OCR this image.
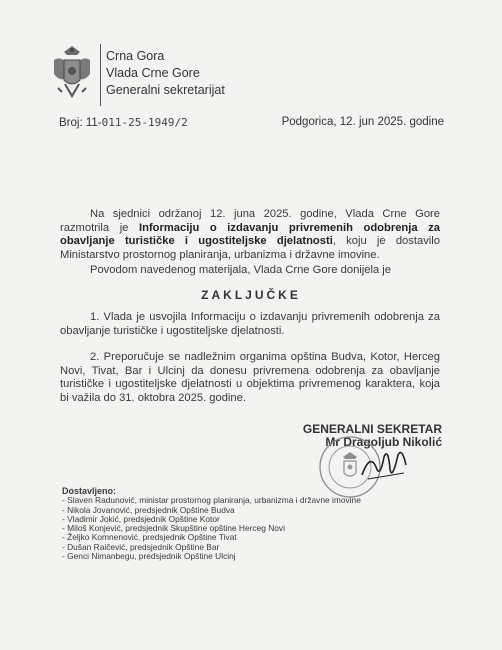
Crna Gora
Vlada Crne Gore
Generalni sekretarijat
Broj: 11-011-25-1949/2	Podgorica, 12. jun 2025. godine

Na sjednici održanoj 12. juna 2025. godine, Vlada Crne Gore razmotrila je Informaciju o izdavanju privremenih odobrenja za obavljanje turističke i ugostiteljske djelatnosti, koju je dostavilo Ministarstvo prostornog planiranja, urbanizma i državne imovine.

Povodom navedenog materijala, Vlada Crne Gore donijela je

ZAKLJUČKE

1. Vlada je usvojila Informaciju o izdavanju privremenih odobrenja za obavljanje turističke i ugostiteljske djelatnosti.

2. Preporučuje se nadležnim organima opština Budva, Kotor, Herceg Novi, Tivat, Bar i Ulcinj da donesu privremena odobrenja za obavljanje turističke i ugostiteljske djelatnosti u objektima privremenog karaktera, koja bi važila do 31. oktobra 2025. godine.

GENERALNI SEKRETAR
Mr Dragoljub Nikolić
Dostavljeno:
- Slaven Radunović, ministar prostornog planiranja, urbanizma i državne imovine
- Nikola Jovanović, predsjednik Opštine Budva
- Vladimir Jokić, predsjednik Opštine Kotor
- Miloš Konjević, predsjednik Skupštine opštine Herceg Novi
- Željko Komnenović, predsjednik Opštine Tivat
- Dušan Raičević, predsjednik Opštine Bar
- Genci Nimanbegu, predsjednik Opštine Ulcinj
